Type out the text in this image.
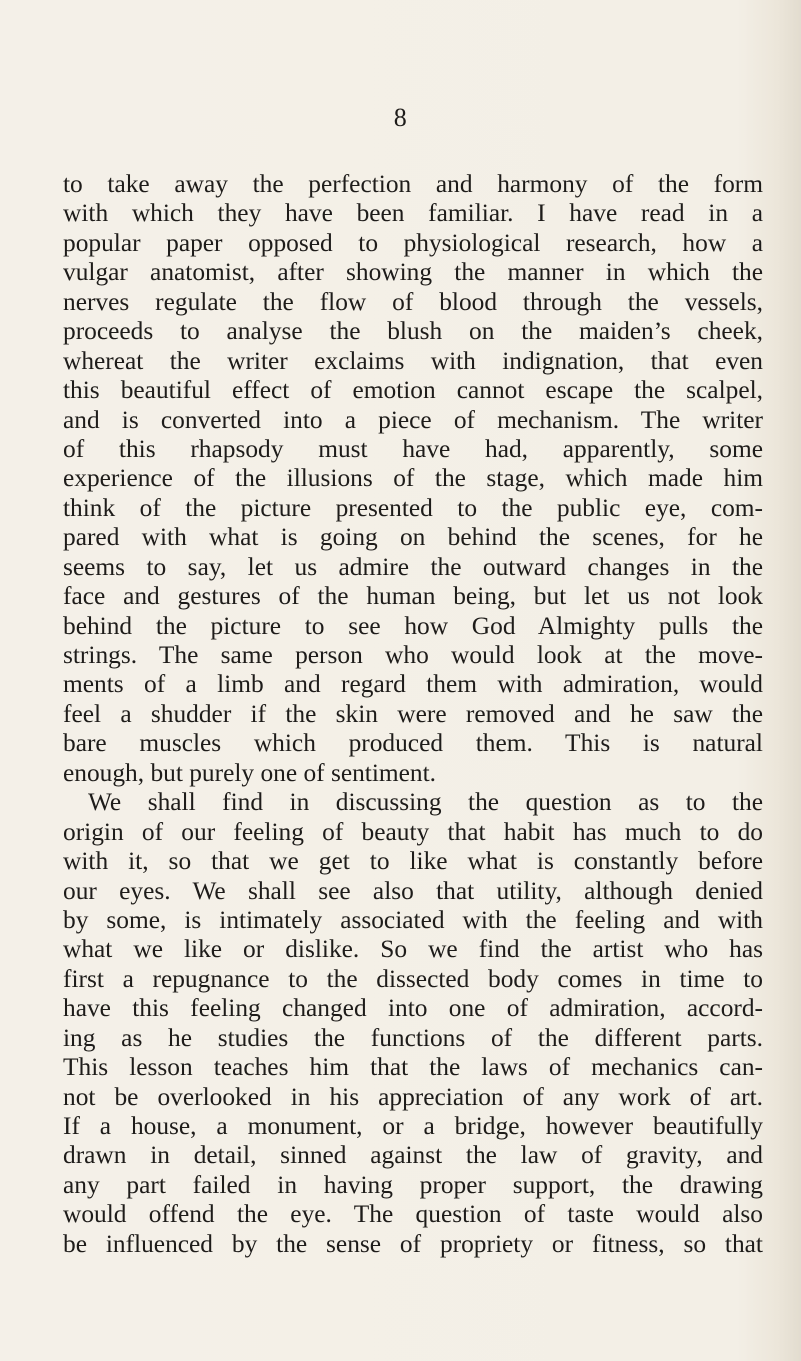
8
to take away the perfection and harmony of the form
with which they have been familiar. I have read in a
popular paper opposed to physiological research, how a
vulgar anatomist, after showing the manner in which the
nerves regulate the flow of blood through the vessels,
proceeds to analyse the blush on the maiden’s cheek,
whereat the writer exclaims with indignation, that even
this beautiful effect of emotion cannot escape the scalpel,
and is converted into a piece of mechanism. The writer
of this rhapsody must have had, apparently, some
experience of the illusions of the stage, which made him
think of the picture presented to the public eye, com-
pared with what is going on behind the scenes, for he
seems to say, let us admire the outward changes in the
face and gestures of the human being, but let us not look
behind the picture to see how God Almighty pulls the
strings. The same person who would look at the move-
ments of a limb and regard them with admiration, would
feel a shudder if the skin were removed and he saw the
bare muscles which produced them. This is natural
enough, but purely one of sentiment.
We shall find in discussing the question as to the
origin of our feeling of beauty that habit has much to do
with it, so that we get to like what is constantly before
our eyes. We shall see also that utility, although denied
by some, is intimately associated with the feeling and with
what we like or dislike. So we find the artist who has
first a repugnance to the dissected body comes in time to
have this feeling changed into one of admiration, accord-
ing as he studies the functions of the different parts.
This lesson teaches him that the laws of mechanics can-
not be overlooked in his appreciation of any work of art.
If a house, a monument, or a bridge, however beautifully
drawn in detail, sinned against the law of gravity, and
any part failed in having proper support, the drawing
would offend the eye. The question of taste would also
be influenced by the sense of propriety or fitness, so that
